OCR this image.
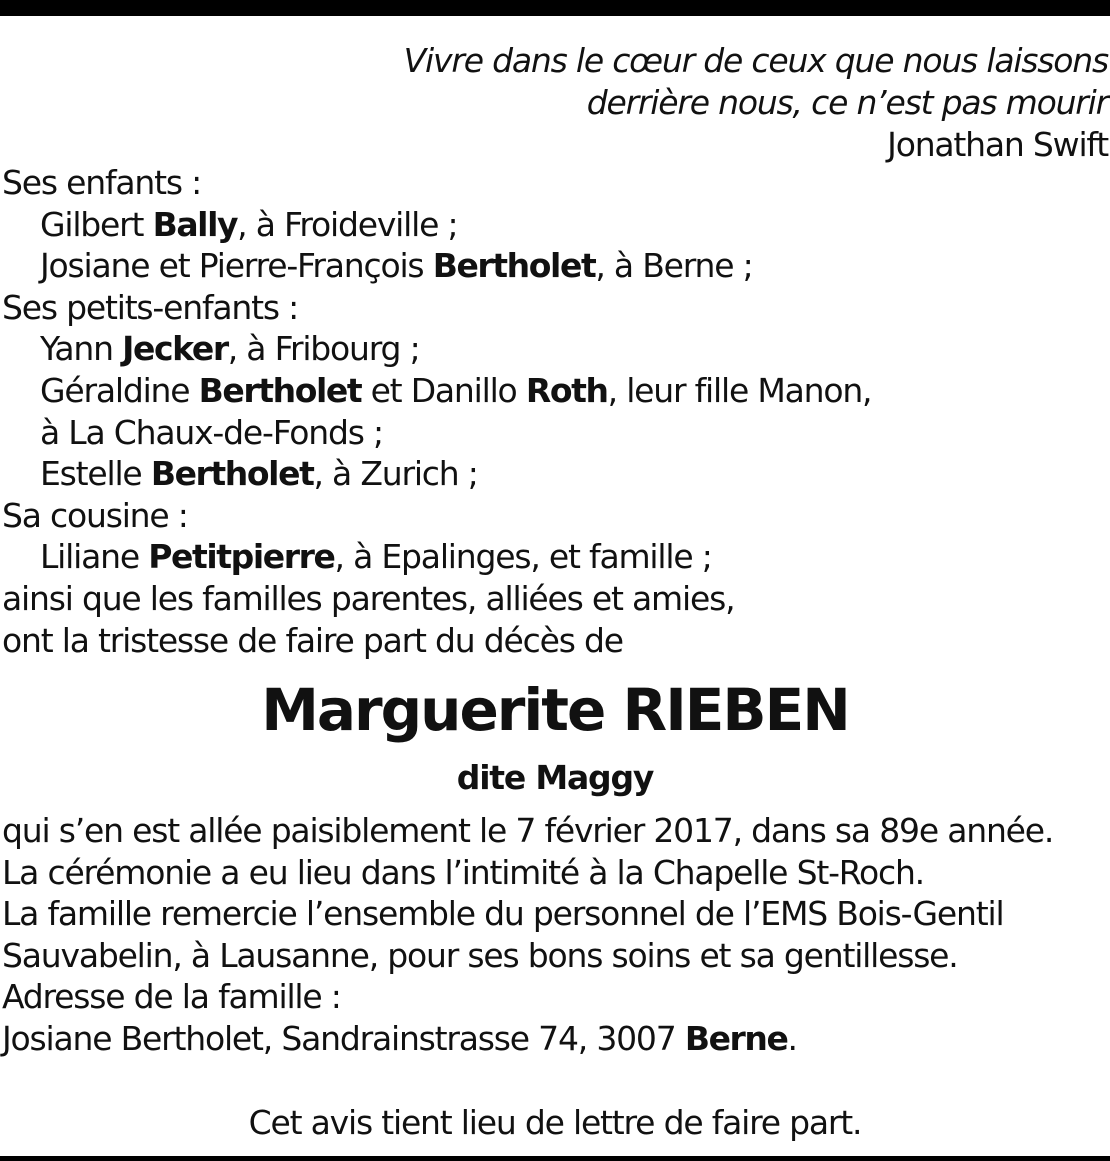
Vivre dans le cœur de ceux que nous laissons
derrière nous, ce n’est pas mourir
Jonathan Swift
Ses enfants :
Gilbert Bally, à Froideville ;
Josiane et Pierre-François Bertholet, à Berne ;
Ses petits-enfants :
Yann Jecker, à Fribourg ;
Géraldine Bertholet et Danillo Roth, leur fille Manon,
à La Chaux-de-Fonds ;
Estelle Bertholet, à Zurich ;
Sa cousine :
Liliane Petitpierre, à Epalinges, et famille ;
ainsi que les familles parentes, alliées et amies,
ont la tristesse de faire part du décès de
Marguerite RIEBEN
dite Maggy
qui s’en est allée paisiblement le 7 février 2017, dans sa 89e année.
La cérémonie a eu lieu dans l’intimité à la Chapelle St-Roch.
La famille remercie l’ensemble du personnel de l’EMS Bois-Gentil
Sauvabelin, à Lausanne, pour ses bons soins et sa gentillesse.
Adresse de la famille :
Josiane Bertholet, Sandrainstrasse 74, 3007 Berne.
Cet avis tient lieu de lettre de faire part.
